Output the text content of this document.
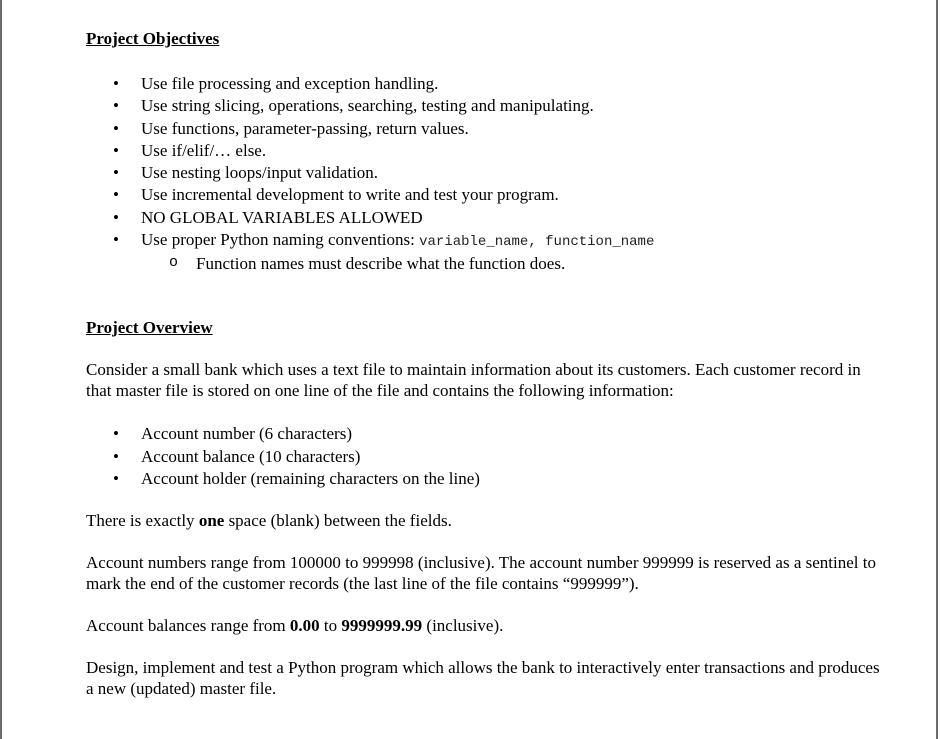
Project Objectives
• Use file processing and exception handling.
• Use string slicing, operations, searching, testing and manipulating.
• Use functions, parameter-passing, return values.
• Use if/elif/… else.
• Use nesting loops/input validation.
• Use incremental development to write and test your program.
• NO GLOBAL VARIABLES ALLOWED
• Use proper Python naming conventions: variable_name, function_name
o Function names must describe what the function does.
Project Overview

Consider a small bank which uses a text file to maintain information about its customers. Each customer record in that master file is stored on one line of the file and contains the following information:

• Account number (6 characters)
• Account balance (10 characters)
• Account holder (remaining characters on the line)

There is exactly one space (blank) between the fields.

Account numbers range from 100000 to 999998 (inclusive). The account number 999999 is reserved as a sentinel to mark the end of the customer records (the last line of the file contains “999999”).

Account balances range from 0.00 to 9999999.99 (inclusive).

Design, implement and test a Python program which allows the bank to interactively enter transactions and produces a new (updated) master file.
